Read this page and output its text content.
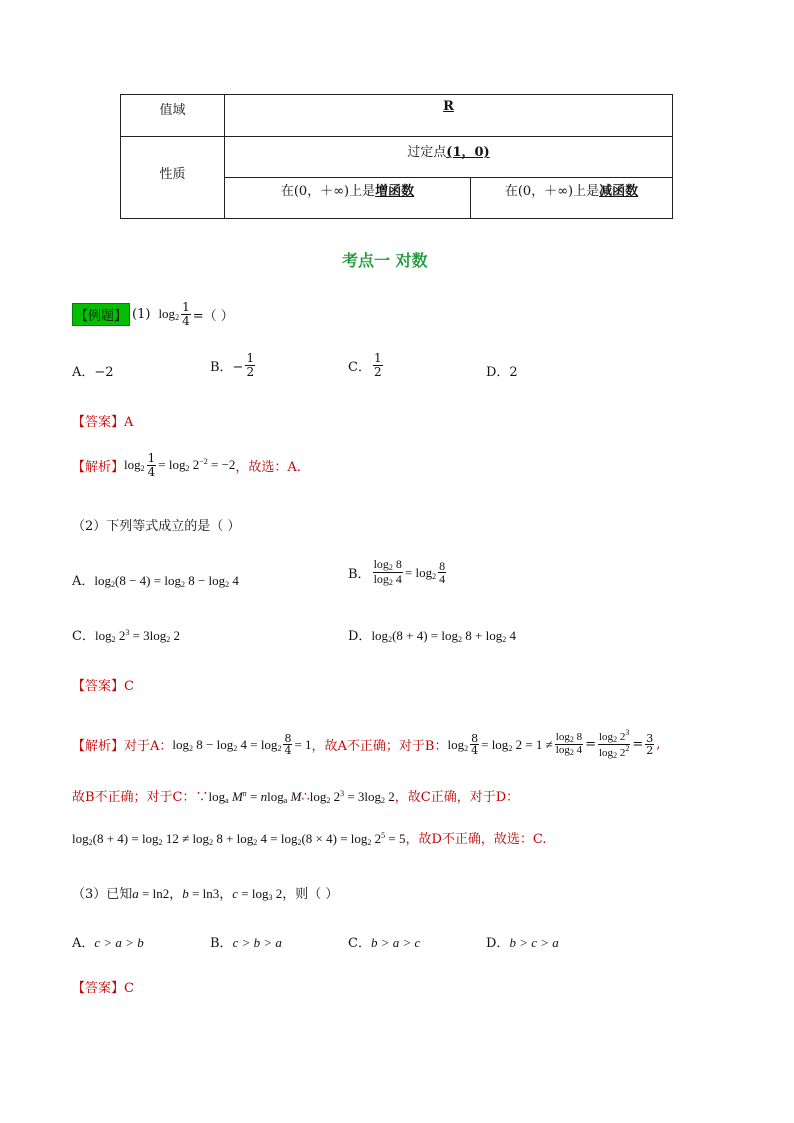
值域	R	

性质	过定点(1，0)	

	在(0，＋∞)上是增函数	在(0，＋∞)上是减函数
考点一 对数
【例题】 (1) $\log_2 \frac{1}{4}$ =（ ）
A．−2	B．− $\frac{1}{2}$	C． $\frac{1}{2}$	D．2
【答案】A
【解析】 $\log_2 \frac{1}{4} = \log_2 2^{-2} = -2$ ，故选：A.
（2）下列等式成立的是（ ）
A．$\log_2(8 - 4) = \log_2 8 - \log_2 4$	B． $\frac{\log_2 8}{\log_2 4} = \log_2 \frac{8}{4}$
C．$\log_2 2^3 = 3\log_2$ 2	D．$\log_2(8 + 4) = \log_2 8 + \log_2 4$
【答案】C
【解析】 对于A： $\log_2 8 - \log_2 4 = \log_2 \frac{8}{4} = 1$ ，故A不正确；对于B： $\log_2 \frac{8}{4} = \log_2 2 = 1 \ne \frac{\log_2 8}{\log_2 4} = \frac{\log_2 2^3}{\log_2 2^2} = \frac{3}{2}$ ,
故B不正确；对于C：$\because\log_a$ $M^n = nlog_a$ $M\therefore\log_2$ $2^3 = 3\log_2$ 2，故C正确，对于D：
$\log_2(8 + 4) = \log_2 12 \ne \log_2 8 + \log_2 4 = \log_2(8 \times 4) = \log_2 2^5 = 5$，故D不正确，故选：C.
（3）已知a = ln2，b = ln3，$c = \log_3 2$，则（ ）
A．c > a > b	B．c > b > a	C．b > a > c	D．b > c > a
【答案】C
